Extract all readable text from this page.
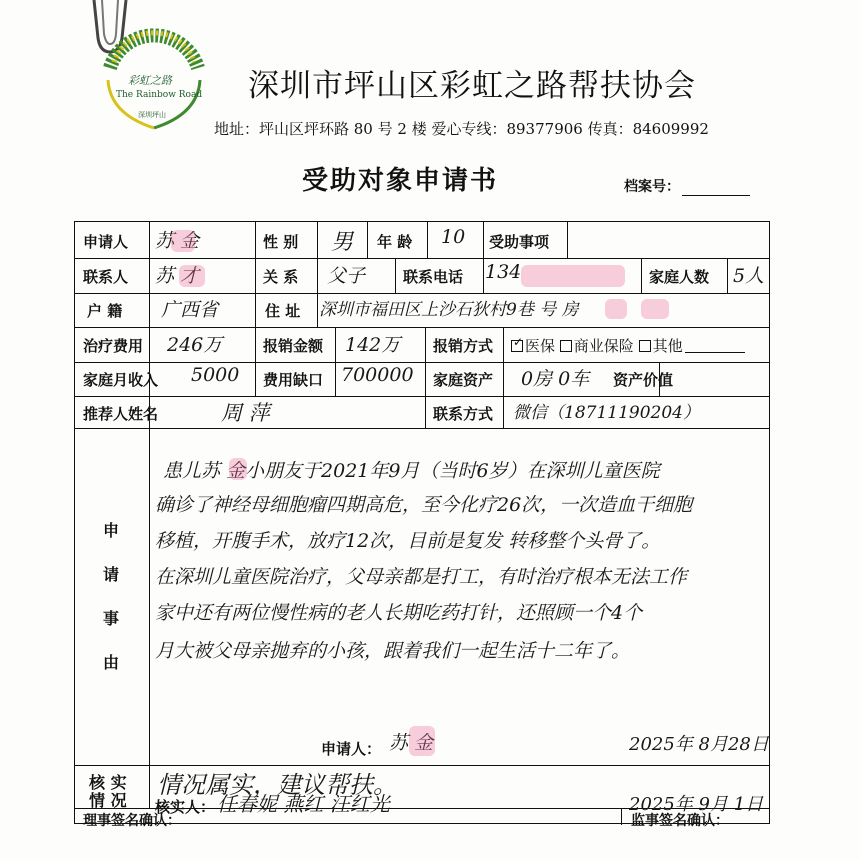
彩虹之路
The Rainbow Road
深圳坪山
深圳市坪山区彩虹之路帮扶协会
地址：坪山区坪环路 80 号 2 楼 爱心专线：89377906 传真：84609992
受助对象申请书	档案号：
申请人 苏 金	性 别 男 年 龄 10 受助事项
联系人 苏 才	关 系 父子	联系电话 134	家庭人数 5人
户 籍 广西省	住 址 深圳市福田区上沙石狄村9巷 号 房
治疗费用 246万	报销金额 142万 报销方式 ✓ 医保 商业保险 其他
家庭月收入 5000 费用缺口 700000 家庭资产 0房 0车 资产价值
推荐人姓名	周 萍	联系方式 微信（18711190204）
申
请
事
由
患儿苏 金小朋友于2021年9月（当时6岁）在深圳儿童医院
确诊了神经母细胞瘤四期高危，至今化疗26次，一次造血干细胞
移植，开腹手术，放疗12次，目前是复发 转移整个头骨了。
在深圳儿童医院治疗，父母亲都是打工，有时治疗根本无法工作
家中还有两位慢性病的老人长期吃药打针，还照顾一个4个
月大被父母亲抛弃的小孩，跟着我们一起生活十二年了。
申请人： 苏 金	2025年 8月28日
核 实
情 况
情况属实，建议帮扶。
核实人： 任春妮 燕红 汪红光	2025年 9月 1日
理事签名确认：	监事签名确认：
